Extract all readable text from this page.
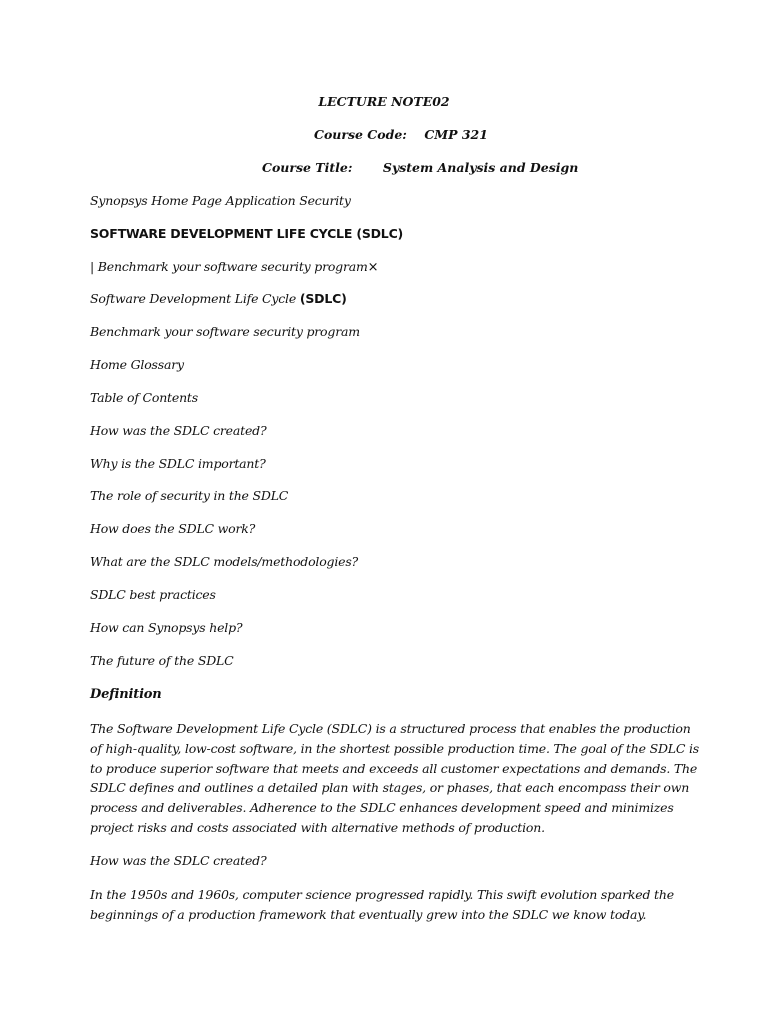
LECTURE NOTE02
Course Code: CMP 321
Course Title: System Analysis and Design
Synopsys Home Page Application Security
SOFTWARE DEVELOPMENT LIFE CYCLE (SDLC)
| Benchmark your software security program×
Software Development Life Cycle (SDLC)
Benchmark your software security program
Home Glossary
Table of Contents
How was the SDLC created?
Why is the SDLC important?
The role of security in the SDLC
How does the SDLC work?
What are the SDLC models/methodologies?
SDLC best practices
How can Synopsys help?
The future of the SDLC
Definition
The Software Development Life Cycle (SDLC) is a structured process that enables the production of high-quality, low-cost software, in the shortest possible production time. The goal of the SDLC is to produce superior software that meets and exceeds all customer expectations and demands. The SDLC defines and outlines a detailed plan with stages, or phases, that each encompass their own process and deliverables. Adherence to the SDLC enhances development speed and minimizes project risks and costs associated with alternative methods of production.
How was the SDLC created?
In the 1950s and 1960s, computer science progressed rapidly. This swift evolution sparked the beginnings of a production framework that eventually grew into the SDLC we know today.
